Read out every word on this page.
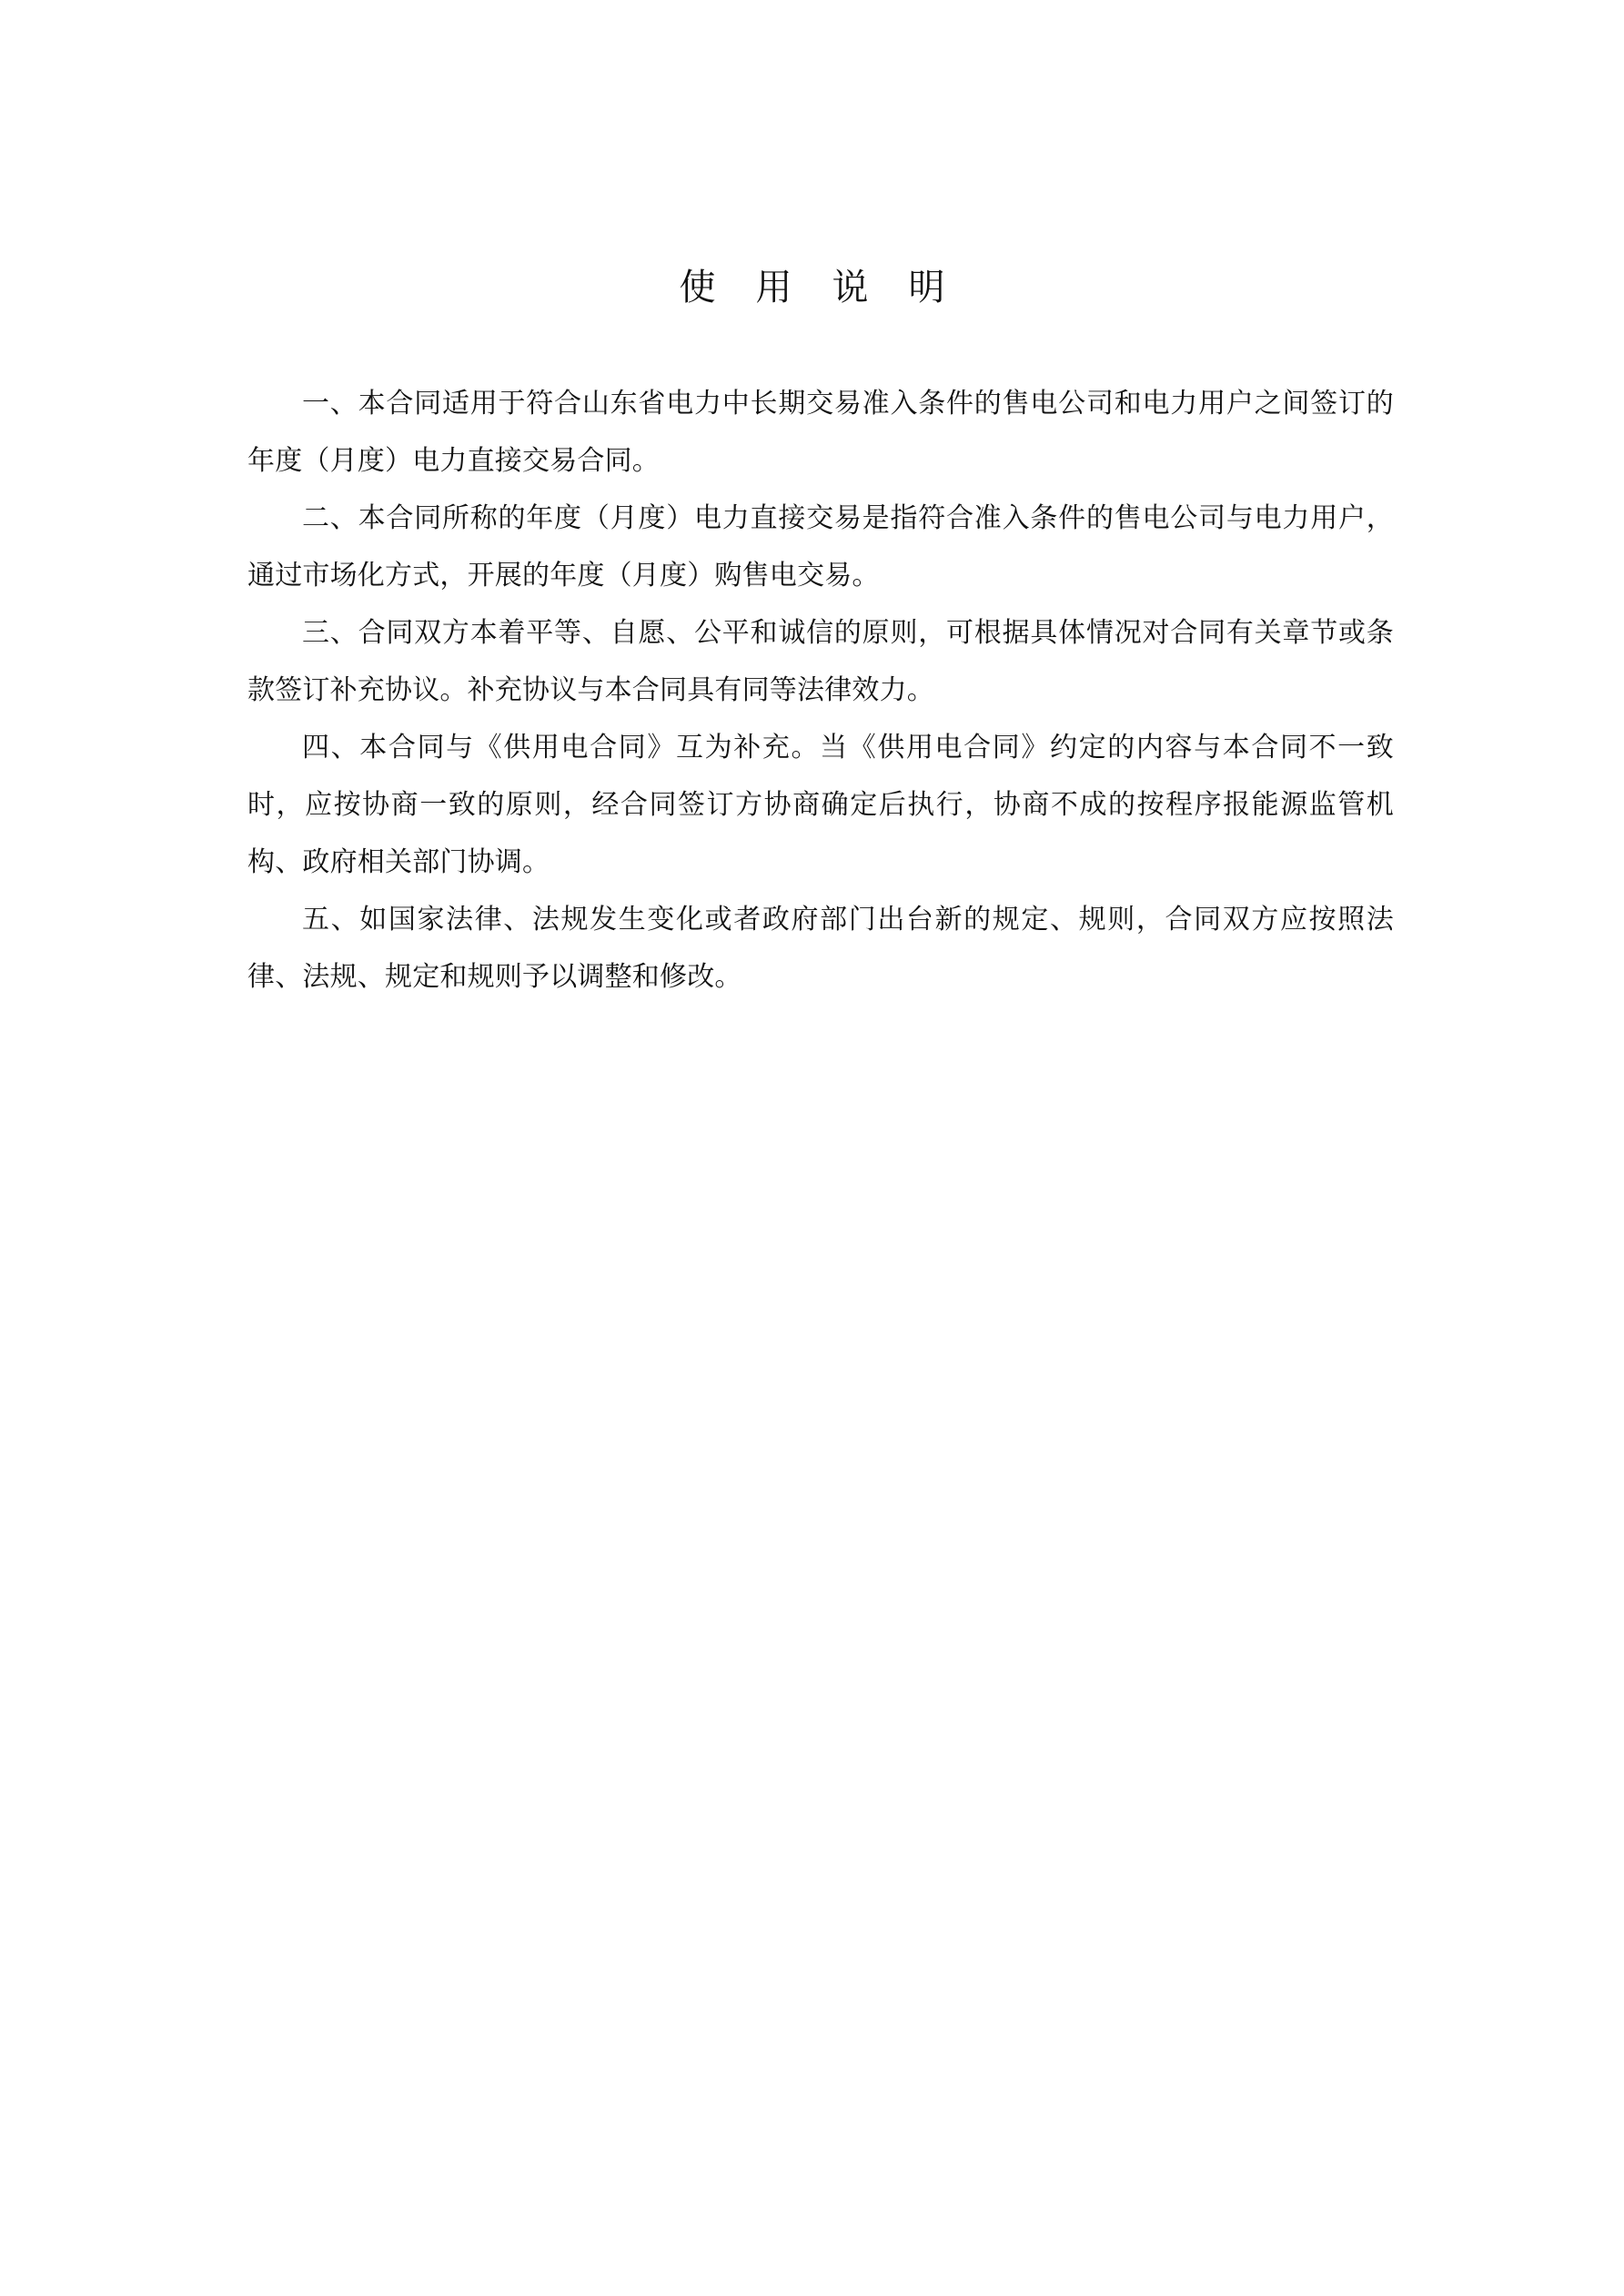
使用说明

一、本合同适用于符合山东省电力中长期交易准入条件的售电公司和电力用户之间签订的年度（月度）电力直接交易合同。

二、本合同所称的年度（月度）电力直接交易是指符合准入条件的售电公司与电力用户，通过市场化方式，开展的年度（月度）购售电交易。

三、合同双方本着平等、自愿、公平和诚信的原则，可根据具体情况对合同有关章节或条款签订补充协议。补充协议与本合同具有同等法律效力。

四、本合同与《供用电合同》互为补充。当《供用电合同》约定的内容与本合同不一致时，应按协商一致的原则，经合同签订方协商确定后执行，协商不成的按程序报能源监管机构、政府相关部门协调。

五、如国家法律、法规发生变化或者政府部门出台新的规定、规则，合同双方应按照法律、法规、规定和规则予以调整和修改。
